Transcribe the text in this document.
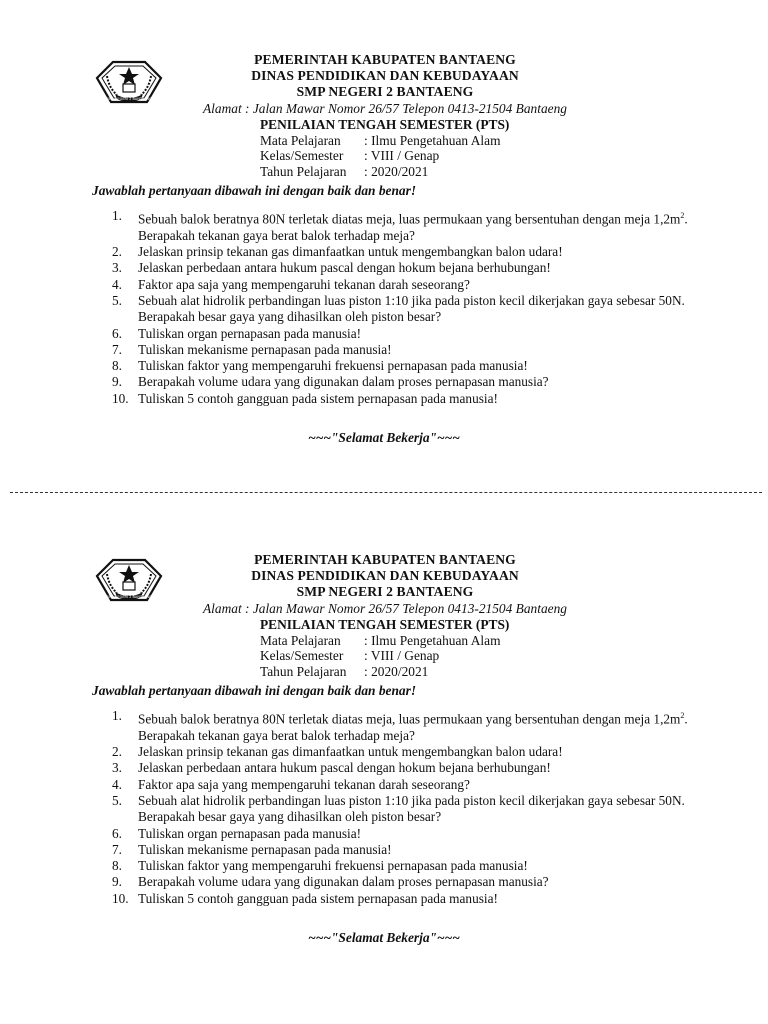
SMP NEGERI 2 BANTAENG
PEMERINTAH KABUPATEN BANTAENG
DINAS PENDIDIKAN DAN KEBUDAYAAN
SMP NEGERI 2 BANTAENG
Alamat : Jalan Mawar Nomor 26/57 Telepon 0413-21504 Bantaeng
PENILAIAN TENGAH SEMESTER (PTS)
Mata Pelajaran	: Ilmu Pengetahuan Alam
Kelas/Semester	: VIII / Genap
Tahun Pelajaran	: 2020/2021
Jawablah pertanyaan dibawah ini dengan baik dan benar!
1.	Sebuah balok beratnya 80N terletak diatas meja, luas permukaan yang bersentuhan dengan meja $1,2m^2$. Berapakah tekanan gaya berat balok terhadap meja?
2.	Jelaskan prinsip tekanan gas dimanfaatkan untuk mengembangkan balon udara!
3.	Jelaskan perbedaan antara hukum pascal dengan hokum bejana berhubungan!
4.	Faktor apa saja yang mempengaruhi tekanan darah seseorang?
5.	Sebuah alat hidrolik perbandingan luas piston 1:10 jika pada piston kecil dikerjakan gaya sebesar 50N. Berapakah besar gaya yang dihasilkan oleh piston besar?
6.	Tuliskan organ pernapasan pada manusia!
7.	Tuliskan mekanisme pernapasan pada manusia!
8.	Tuliskan faktor yang mempengaruhi frekuensi pernapasan pada manusia!
9.	Berapakah volume udara yang digunakan dalam proses pernapasan manusia?
10. Tuliskan 5 contoh gangguan pada sistem pernapasan pada manusia!
~~~"Selamat Bekerja"~~~
SMP NEGERI 2 BANTAENG
PEMERINTAH KABUPATEN BANTAENG
DINAS PENDIDIKAN DAN KEBUDAYAAN
SMP NEGERI 2 BANTAENG
Alamat : Jalan Mawar Nomor 26/57 Telepon 0413-21504 Bantaeng
PENILAIAN TENGAH SEMESTER (PTS)
Mata Pelajaran	: Ilmu Pengetahuan Alam
Kelas/Semester	: VIII / Genap
Tahun Pelajaran	: 2020/2021
Jawablah pertanyaan dibawah ini dengan baik dan benar!
1.	Sebuah balok beratnya 80N terletak diatas meja, luas permukaan yang bersentuhan dengan meja $1,2m^2$. Berapakah tekanan gaya berat balok terhadap meja?
2.	Jelaskan prinsip tekanan gas dimanfaatkan untuk mengembangkan balon udara!
3.	Jelaskan perbedaan antara hukum pascal dengan hokum bejana berhubungan!
4.	Faktor apa saja yang mempengaruhi tekanan darah seseorang?
5.	Sebuah alat hidrolik perbandingan luas piston 1:10 jika pada piston kecil dikerjakan gaya sebesar 50N. Berapakah besar gaya yang dihasilkan oleh piston besar?
6.	Tuliskan organ pernapasan pada manusia!
7.	Tuliskan mekanisme pernapasan pada manusia!
8.	Tuliskan faktor yang mempengaruhi frekuensi pernapasan pada manusia!
9.	Berapakah volume udara yang digunakan dalam proses pernapasan manusia?
10. Tuliskan 5 contoh gangguan pada sistem pernapasan pada manusia!
~~~"Selamat Bekerja"~~~
